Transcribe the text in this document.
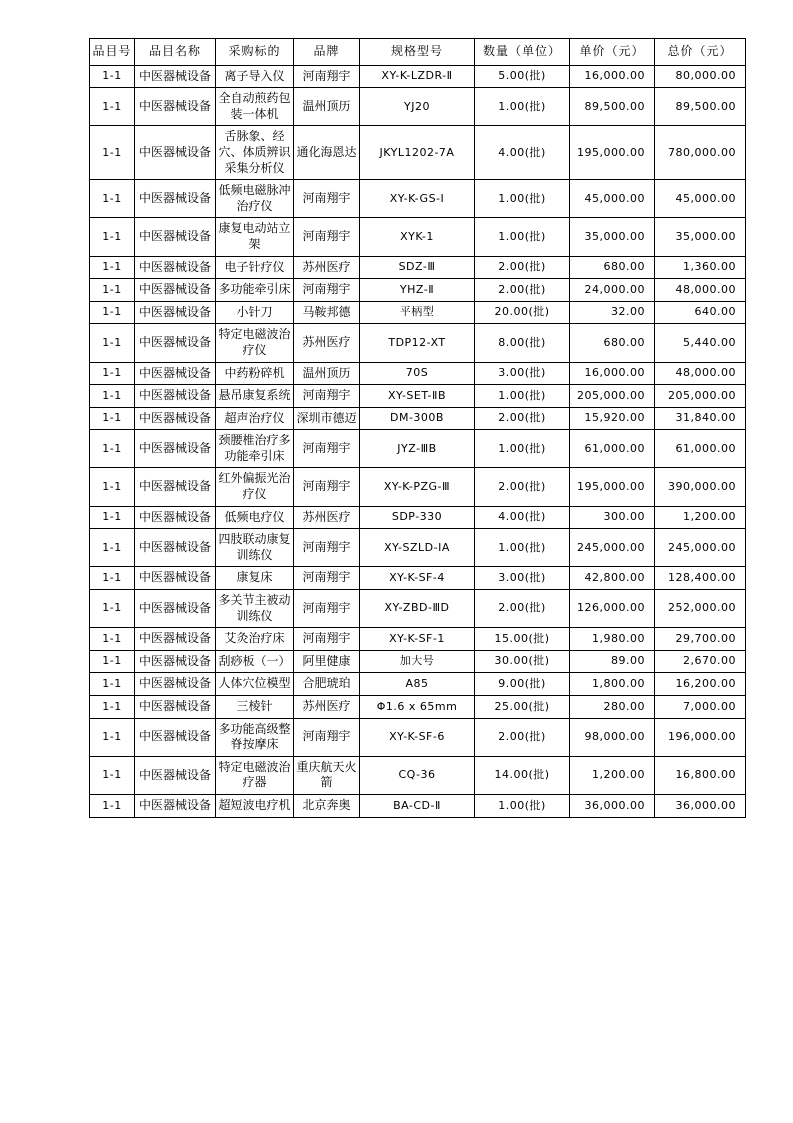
品目号	品目名称	采购标的	品牌	规格型号	数量（单位）	单价（元）	总价（元）
1-1	中医器械设备	离子导入仪	河南翔宇	XY-K-LZDR-Ⅱ	5.00(批)	16,000.00	80,000.00
1-1	中医器械设备	全自动煎药包装一体机	温州顶历	YJ20	1.00(批)	89,500.00	89,500.00
1-1	中医器械设备	舌脉象、经穴、体质辨识采集分析仪	通化海恩达	JKYL1202-7A	4.00(批)	195,000.00	780,000.00
1-1	中医器械设备	低频电磁脉冲治疗仪	河南翔宇	XY-K-GS-Ⅰ	1.00(批)	45,000.00	45,000.00
1-1	中医器械设备	康复电动站立架	河南翔宇	XYK-1	1.00(批)	35,000.00	35,000.00
1-1	中医器械设备	电子针疗仪	苏州医疗	SDZ-Ⅲ	2.00(批)	680.00	1,360.00
1-1	中医器械设备	多功能牵引床	河南翔宇	YHZ-Ⅱ	2.00(批)	24,000.00	48,000.00
1-1	中医器械设备	小针刀	马鞍邦德	平柄型	20.00(批)	32.00	640.00
1-1	中医器械设备	特定电磁波治疗仪	苏州医疗	TDP12-XT	8.00(批)	680.00	5,440.00
1-1	中医器械设备	中药粉碎机	温州顶历	70S	3.00(批)	16,000.00	48,000.00
1-1	中医器械设备	悬吊康复系统	河南翔宇	XY-SET-ⅡB	1.00(批)	205,000.00	205,000.00
1-1	中医器械设备	超声治疗仪	深圳市德迈	DM-300B	2.00(批)	15,920.00	31,840.00
1-1	中医器械设备	颈腰椎治疗多功能牵引床	河南翔宇	JYZ-ⅢB	1.00(批)	61,000.00	61,000.00
1-1	中医器械设备	红外偏振光治疗仪	河南翔宇	XY-K-PZG-Ⅲ	2.00(批)	195,000.00	390,000.00
1-1	中医器械设备	低频电疗仪	苏州医疗	SDP-330	4.00(批)	300.00	1,200.00
1-1	中医器械设备	四肢联动康复训练仪	河南翔宇	XY-SZLD-ⅠA	1.00(批)	245,000.00	245,000.00
1-1	中医器械设备	康复床	河南翔宇	XY-K-SF-4	3.00(批)	42,800.00	128,400.00
1-1	中医器械设备	多关节主被动训练仪	河南翔宇	XY-ZBD-ⅢD	2.00(批)	126,000.00	252,000.00
1-1	中医器械设备	艾灸治疗床	河南翔宇	XY-K-SF-1	15.00(批)	1,980.00	29,700.00
1-1	中医器械设备	刮痧板（一）	阿里健康	加大号	30.00(批)	89.00	2,670.00
1-1	中医器械设备	人体穴位模型	合肥琥珀	A85	9.00(批)	1,800.00	16,200.00
1-1	中医器械设备	三棱针	苏州医疗	Φ1.6 x 65mm	25.00(批)	280.00	7,000.00
1-1	中医器械设备	多功能高级整脊按摩床	河南翔宇	XY-K-SF-6	2.00(批)	98,000.00	196,000.00
1-1	中医器械设备	特定电磁波治疗器	重庆航天火箭	CQ-36	14.00(批)	1,200.00	16,800.00
1-1	中医器械设备	超短波电疗机	北京奔奥	BA-CD-Ⅱ	1.00(批)	36,000.00	36,000.00
